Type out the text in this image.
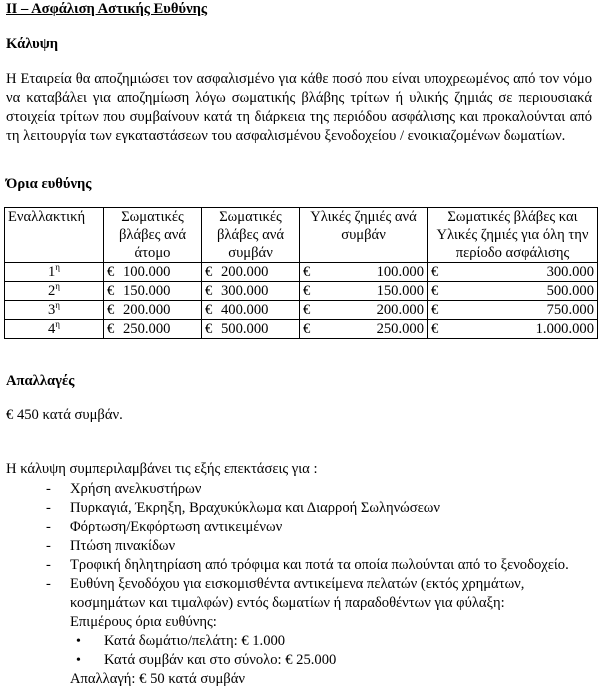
ΙΙ – Ασφάλιση Αστικής Ευθύνης
Κάλυψη
Η Εταιρεία θα αποζημιώσει τον ασφαλισμένο για κάθε ποσό που είναι υποχρεωμένος από τον νόμο να καταβάλει για αποζημίωση λόγω σωματικής βλάβης τρίτων ή υλικής ζημιάς σε περιουσιακά στοιχεία τρίτων που συμβαίνουν κατά τη διάρκεια της περιόδου ασφάλισης και προκαλούνται από τη λειτουργία των εγκαταστάσεων του ασφαλισμένου ξενοδοχείου / ενοικιαζομένων δωματίων.
Όρια ευθύνης
Εναλλακτική	Σωματικές βλάβες ανά άτομο	Σωματικές βλάβες ανά συμβάν	Υλικές ζημιές ανά συμβάν	Σωματικές βλάβες και Υλικές ζημιές για όλη την περίοδο ασφάλισης
$1^\eta$	€ 100.000	€ 200.000	€ 100.000	€ 300.000

$2^\eta$	€ 150.000	€ 300.000	€ 150.000	€ 500.000

$3^\eta$	€ 200.000	€ 400.000	€ 200.000	€ 750.000

$4^\eta$	€ 250.000	€ 500.000	€ 250.000	€ 1.000.000
Απαλλαγές
€ 450 κατά συμβάν.
Η κάλυψη συμπεριλαμβάνει τις εξής επεκτάσεις για :
- Χρήση ανελκυστήρων
- Πυρκαγιά, Έκρηξη, Βραχυκύκλωμα και Διαρροή Σωληνώσεων
- Φόρτωση/Εκφόρτωση αντικειμένων
- Πτώση πινακίδων
- Τροφική δηλητηρίαση από τρόφιμα και ποτά τα οποία πωλούνται από το ξενοδοχείο.
- Ευθύνη ξενοδόχου για εισκομισθέντα αντικείμενα πελατών (εκτός χρημάτων, κοσμημάτων και τιμαλφών) εντός δωματίων ή παραδοθέντων για φύλαξη:
Επιμέρους όρια ευθύνης:
• Κατά δωμάτιο/πελάτη: € 1.000
• Κατά συμβάν και στο σύνολο: € 25.000
Απαλλαγή: € 50 κατά συμβάν
